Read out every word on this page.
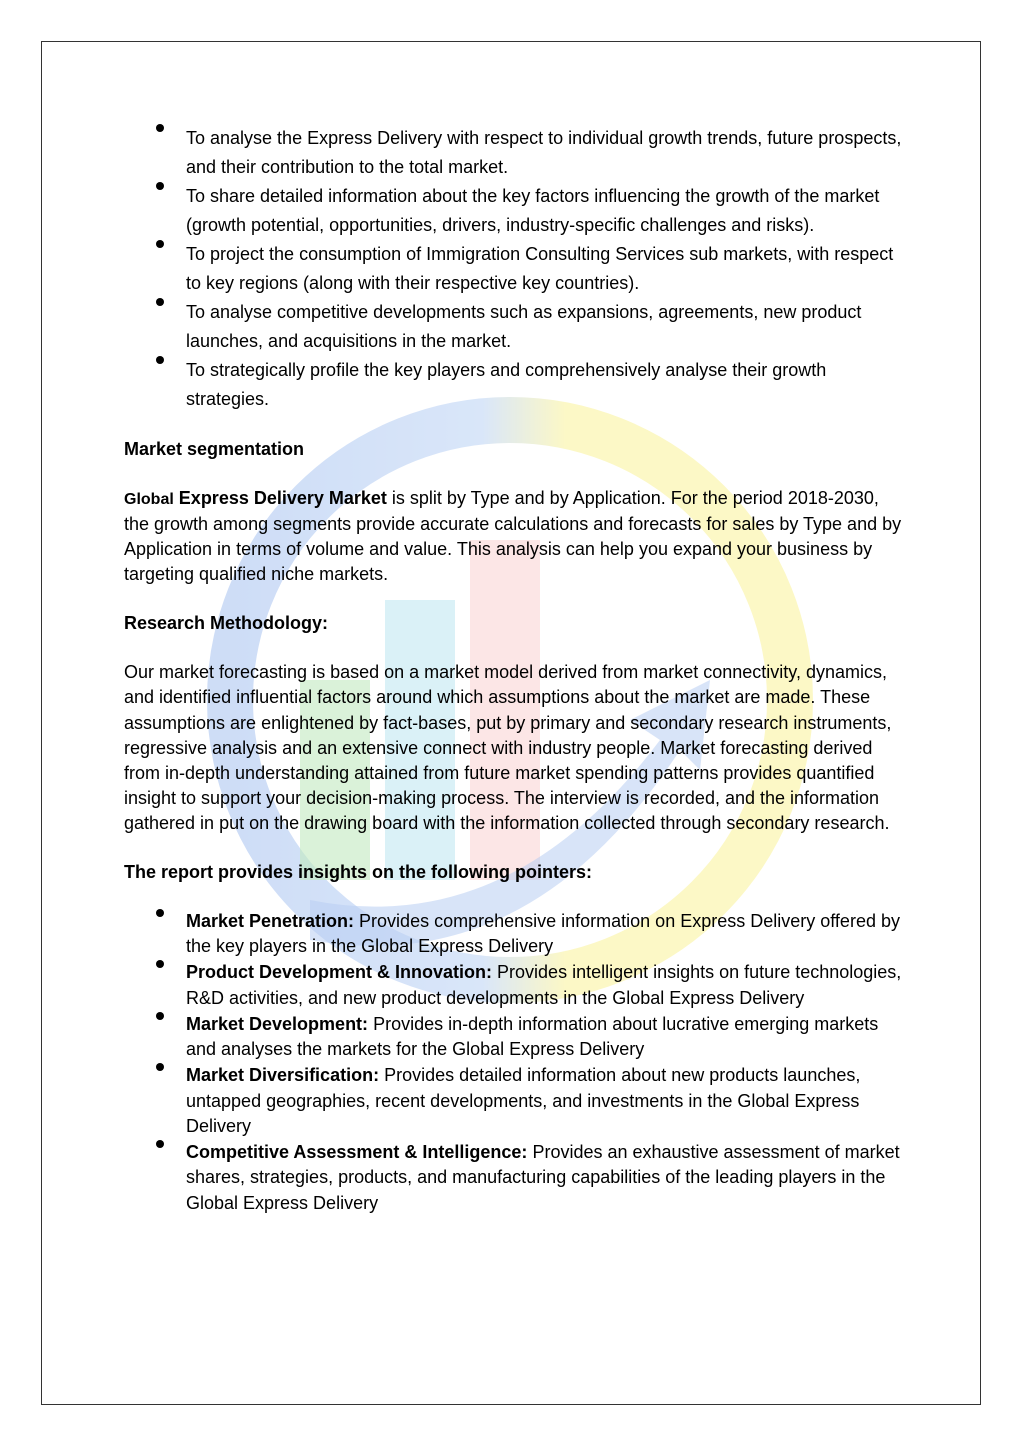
To analyse the Express Delivery with respect to individual growth trends, future prospects, and their contribution to the total market.
To share detailed information about the key factors influencing the growth of the market (growth potential, opportunities, drivers, industry-specific challenges and risks).
To project the consumption of Immigration Consulting Services sub markets, with respect to key regions (along with their respective key countries).
To analyse competitive developments such as expansions, agreements, new product launches, and acquisitions in the market.
To strategically profile the key players and comprehensively analyse their growth strategies.

Market segmentation

Global Express Delivery Market is split by Type and by Application. For the period 2018-2030, the growth among segments provide accurate calculations and forecasts for sales by Type and by Application in terms of volume and value. This analysis can help you expand your business by targeting qualified niche markets.

Research Methodology:

Our market forecasting is based on a market model derived from market connectivity, dynamics, and identified influential factors around which assumptions about the market are made. These assumptions are enlightened by fact-bases, put by primary and secondary research instruments, regressive analysis and an extensive connect with industry people. Market forecasting derived from in-depth understanding attained from future market spending patterns provides quantified insight to support your decision-making process. The interview is recorded, and the information gathered in put on the drawing board with the information collected through secondary research.

The report provides insights on the following pointers:

Market Penetration: Provides comprehensive information on Express Delivery offered by the key players in the Global Express Delivery
Product Development & Innovation: Provides intelligent insights on future technologies, R&D activities, and new product developments in the Global Express Delivery
Market Development: Provides in-depth information about lucrative emerging markets and analyses the markets for the Global Express Delivery
Market Diversification: Provides detailed information about new products launches, untapped geographies, recent developments, and investments in the Global Express Delivery
Competitive Assessment & Intelligence: Provides an exhaustive assessment of market shares, strategies, products, and manufacturing capabilities of the leading players in the Global Express Delivery
